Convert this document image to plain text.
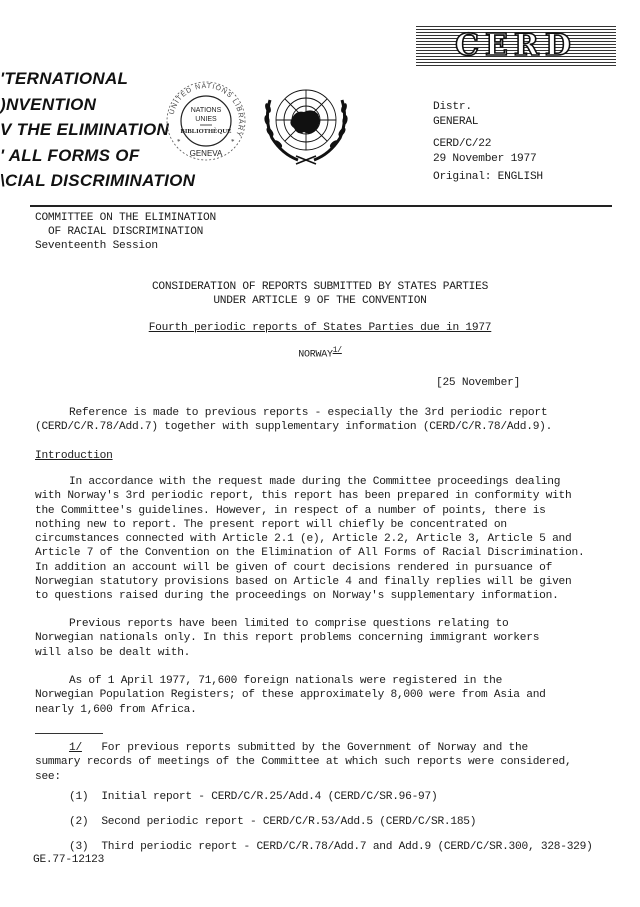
'TERNATIONAL
)NVENTION
V THE ELIMINATION
' ALL FORMS OF
\CIAL DISCRIMINATION
UNITED NATIONS LIBRARY
NATIONS
UNIES
BIBLIOTHÈQUE
GENEVA
*	*
CERD
Distr.
GENERAL
CERD/C/22
29 November 1977
Original: ENGLISH
COMMITTEE ON THE ELIMINATION
OF RACIAL DISCRIMINATION
Seventeenth Session
CONSIDERATION OF REPORTS SUBMITTED BY STATES PARTIES
UNDER ARTICLE 9 OF THE CONVENTION
Fourth periodic reports of States Parties due in 1977
$NORWAY^{1/}$
[25 November]
Reference is made to previous reports - especially the 3rd periodic report
(CERD/C/R.78/Add.7) together with supplementary information (CERD/C/R.78/Add.9).
Introduction
In accordance with the request made during the Committee proceedings dealing
with Norway's 3rd periodic report, this report has been prepared in conformity with
the Committee's guidelines. However, in respect of a number of points, there is
nothing new to report. The present report will chiefly be concentrated on
circumstances connected with Article 2.1 (e), Article 2.2, Article 3, Article 5 and
Article 7 of the Convention on the Elimination of All Forms of Racial Discrimination.
In addition an account will be given of court decisions rendered in pursuance of
Norwegian statutory provisions based on Article 4 and finally replies will be given
to questions raised during the proceedings on Norway's supplementary information.
Previous reports have been limited to comprise questions relating to
Norwegian nationals only. In this report problems concerning immigrant workers
will also be dealt with.
As of 1 April 1977, 71,600 foreign nationals were registered in the
Norwegian Population Registers; of these approximately 8,000 were from Asia and
nearly 1,600 from Africa.
1/ For previous reports submitted by the Government of Norway and the
summary records of meetings of the Committee at which such reports were considered,
see:
(1) Initial report - CERD/C/R.25/Add.4 (CERD/C/SR.96-97)
(2) Second periodic report - CERD/C/R.53/Add.5 (CERD/C/SR.185)
(3) Third periodic report - CERD/C/R.78/Add.7 and Add.9 (CERD/C/SR.300, 328-329)
GE.77-12123
